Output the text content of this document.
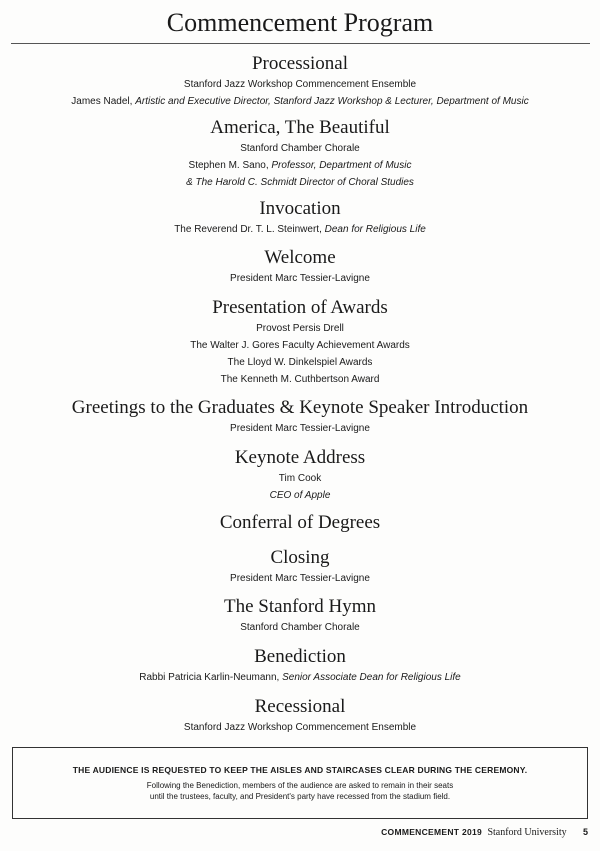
Commencement Program
Processional
Stanford Jazz Workshop Commencement Ensemble
James Nadel, Artistic and Executive Director, Stanford Jazz Workshop & Lecturer, Department of Music
America, The Beautiful
Stanford Chamber Chorale
Stephen M. Sano, Professor, Department of Music
& The Harold C. Schmidt Director of Choral Studies
Invocation
The Reverend Dr. T. L. Steinwert, Dean for Religious Life
Welcome
President Marc Tessier-Lavigne
Presentation of Awards
Provost Persis Drell
The Walter J. Gores Faculty Achievement Awards
The Lloyd W. Dinkelspiel Awards
The Kenneth M. Cuthbertson Award
Greetings to the Graduates & Keynote Speaker Introduction
President Marc Tessier-Lavigne
Keynote Address
Tim Cook
CEO of Apple
Conferral of Degrees
Closing
President Marc Tessier-Lavigne
The Stanford Hymn
Stanford Chamber Chorale
Benediction
Rabbi Patricia Karlin-Neumann, Senior Associate Dean for Religious Life
Recessional
Stanford Jazz Workshop Commencement Ensemble
THE AUDIENCE IS REQUESTED TO KEEP THE AISLES AND STAIRCASES CLEAR DURING THE CEREMONY.
Following the Benediction, members of the audience are asked to remain in their seats
until the trustees, faculty, and President's party have recessed from the stadium field.
COMMENCEMENT 2019 Stanford University 5
